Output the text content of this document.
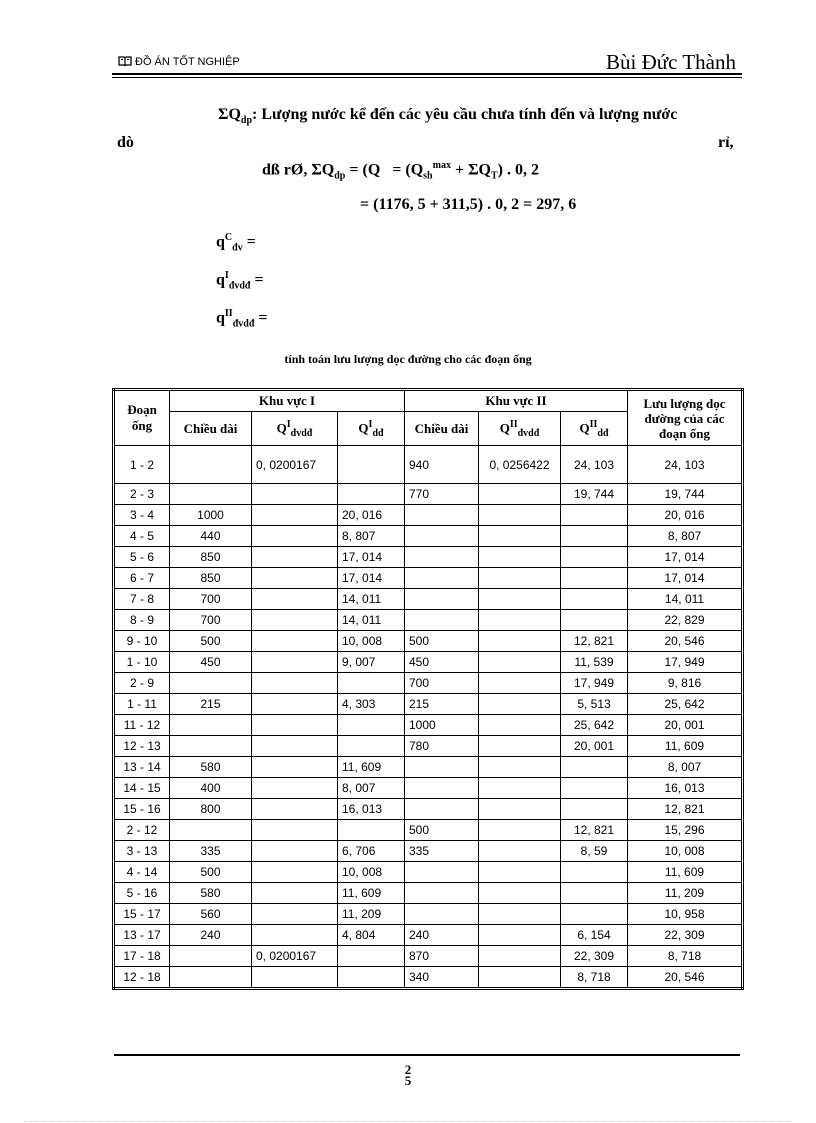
ĐỒ ÁN TỐT NGHIỆP	Bùi Đức Thành
$\Sigma Q_{dp}$: Lượng nước kể đến các yêu cầu chưa tính đến và lượng nước
dò	rỉ,
dß rØ, $\Sigma Q_{dp} = (Q = (Q_{sh}^{max} + \Sigma Q_T)$ . 0, 2
= (1176, 5 + 311,5) . 0, 2 = 297, 6
$q^C_{đv}$ =
$q^I_{đvdđ}$ =
$q^{II}_{đvdđ}$ =
tính toán lưu lượng dọc đường cho các đoạn ống
Đoạn ống	Khu vực I			Khu vực II			Lưu lượng dọc đường của các đoạn ống
	Chiều dài	$Q^I_{đvdđ}$	$Q^I_{dđ}$	Chiều dài	$Q^{II}_{đvdđ}$	$Q^{II}_{dđ}$
1 - 2		0, 0200167		940	0, 0256422	24, 103	24, 103
2 - 3				770		19, 744	19, 744
3 - 4	1000		20, 016				20, 016
4 - 5	440		8, 807				8, 807
5 - 6	850		17, 014				17, 014
6 - 7	850		17, 014				17, 014
7 - 8	700		14, 011				14, 011
8 - 9	700		14, 011				22, 829
9 - 10	500		10, 008	500		12, 821	20, 546
1 - 10	450		9, 007	450		11, 539	17, 949
2 - 9				700		17, 949	9, 816
1 - 11	215		4, 303	215		5, 513	25, 642
11 - 12				1000		25, 642	20, 001
12 - 13				780		20, 001	11, 609
13 - 14	580		11, 609				8, 007
14 - 15	400		8, 007				16, 013
15 - 16	800		16, 013				12, 821
2 - 12				500		12, 821	15, 296
3 - 13	335		6, 706	335		8, 59	10, 008
4 - 14	500		10, 008				11, 609
5 - 16	580		11, 609				11, 209
15 - 17	560		11, 209				10, 958
13 - 17	240		4, 804	240		6, 154	22, 309
17 - 18		0, 0200167		870		22, 309	8, 718
12 - 18				340		8, 718	20, 546
2
5
